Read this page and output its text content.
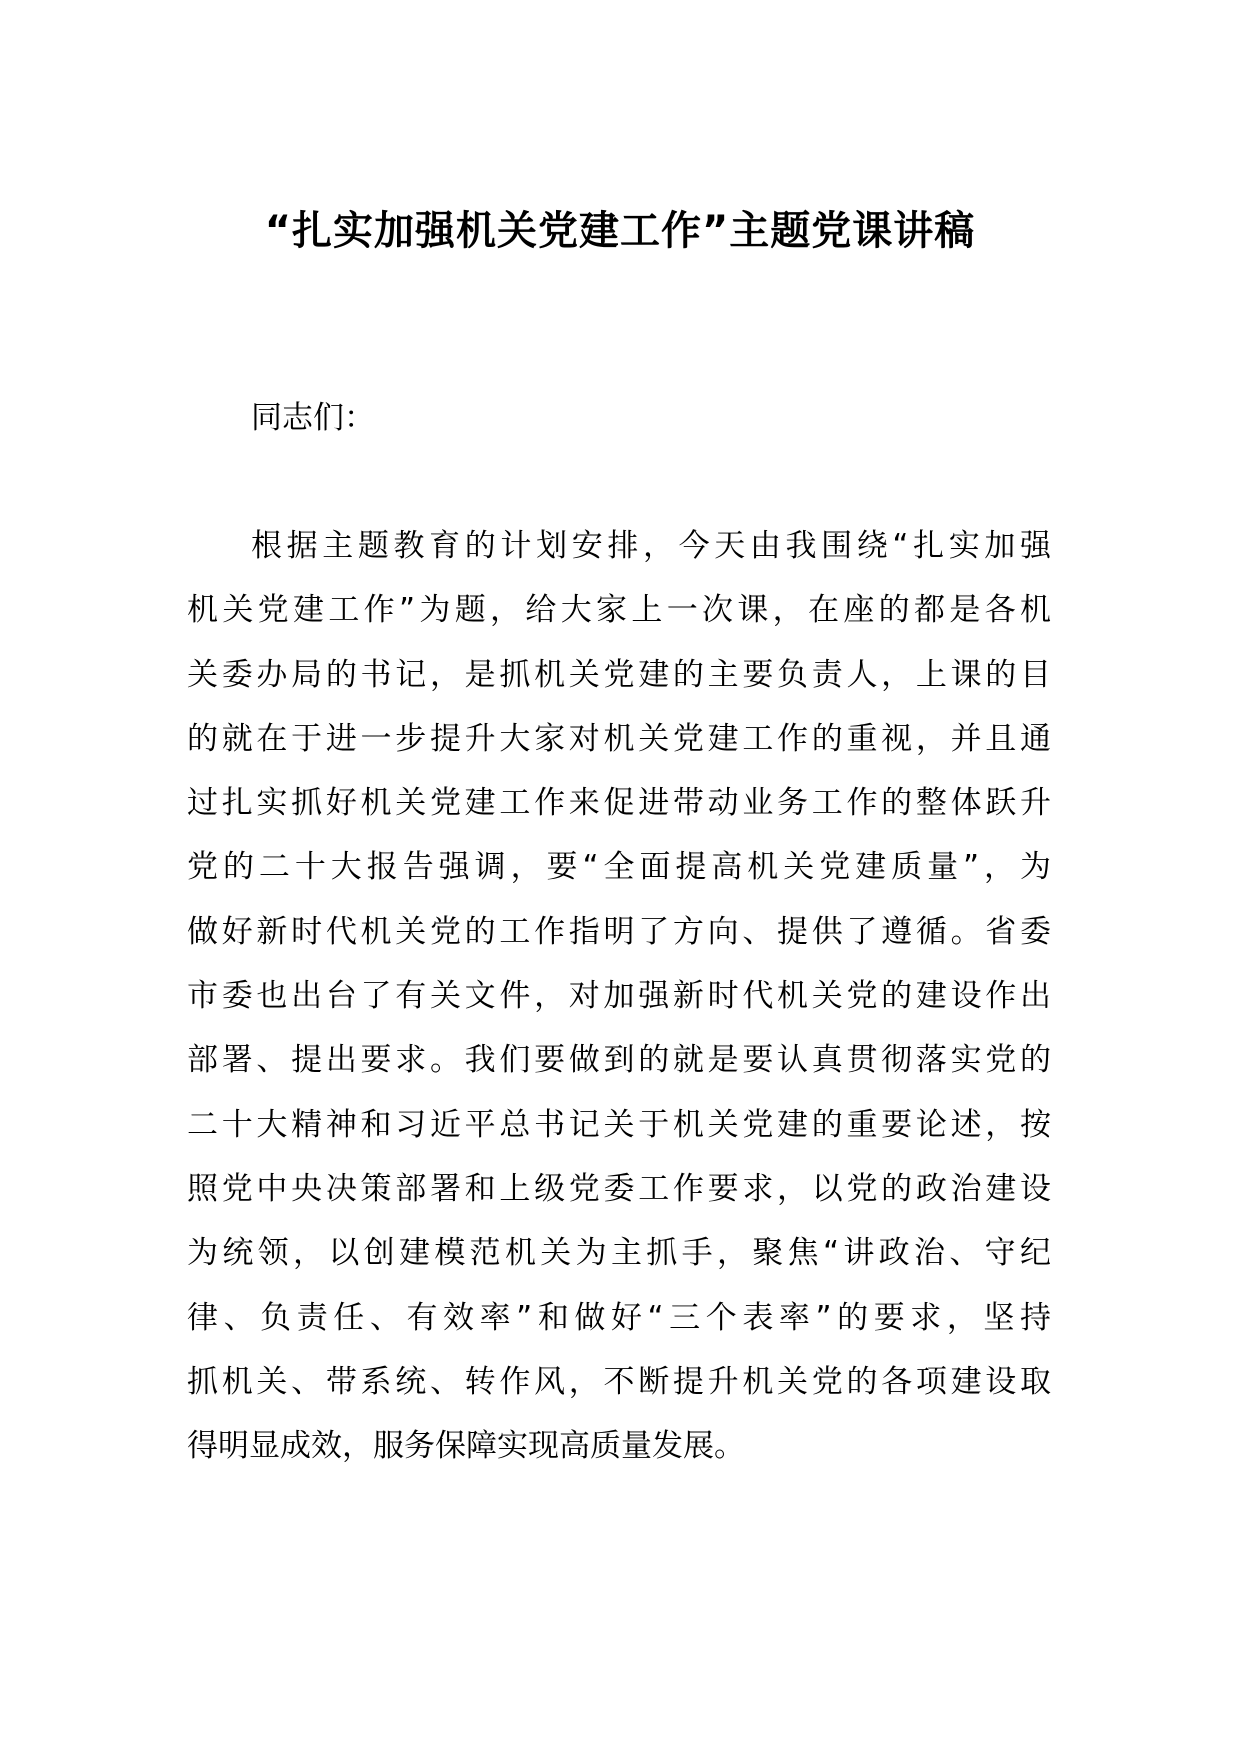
“扎实加强机关党建工作”主题党课讲稿

同志们：

根据主题教育的计划安排，今天由我围绕“扎实加强
机关党建工作”为题，给大家上一次课，在座的都是各机
关委办局的书记，是抓机关党建的主要负责人，上课的目
的就在于进一步提升大家对机关党建工作的重视，并且通
过扎实抓好机关党建工作来促进带动业务工作的整体跃升
党的二十大报告强调，要“全面提高机关党建质量”，为
做好新时代机关党的工作指明了方向、提供了遵循。省委
市委也出台了有关文件，对加强新时代机关党的建设作出
部署、提出要求。我们要做到的就是要认真贯彻落实党的
二十大精神和习近平总书记关于机关党建的重要论述，按
照党中央决策部署和上级党委工作要求，以党的政治建设
为统领，以创建模范机关为主抓手，聚焦“讲政治、守纪
律、负责任、有效率”和做好“三个表率”的要求，坚持
抓机关、带系统、转作风，不断提升机关党的各项建设取
得明显成效，服务保障实现高质量发展。
